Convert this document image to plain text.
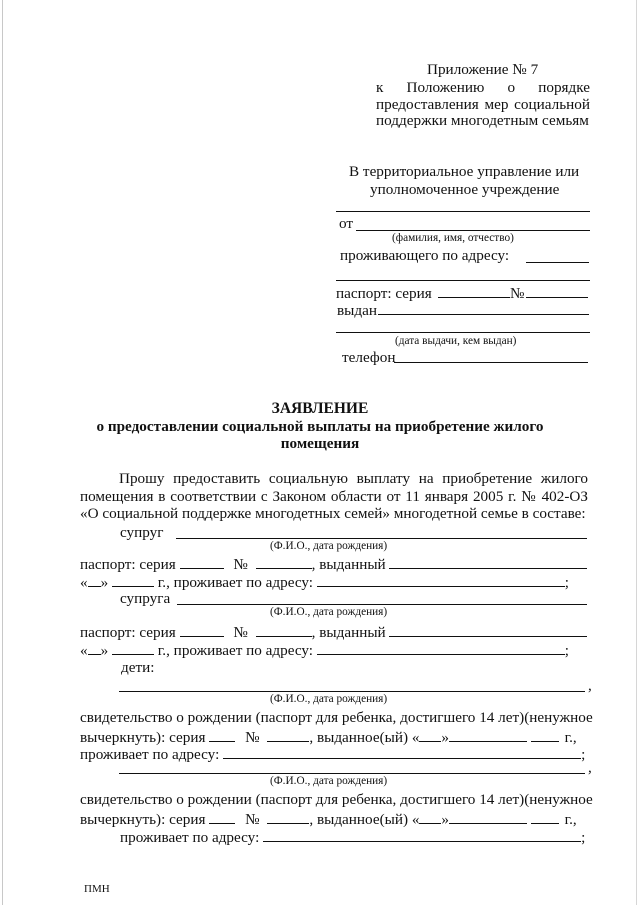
Приложение № 7
к Положению о порядке
предоставления мер социальной
поддержки многодетным семьям
В территориальное управление или
уполномоченное учреждение
от
(фамилия, имя, отчество)
проживающего по адресу:
паспорт: серия	№
выдан
(дата выдачи, кем выдан)
телефон
ЗАЯВЛЕНИЕ
о предоставлении социальной выплаты на приобретение жилого
помещения
Прошу предоставить социальную выплату на приобретение жилого
помещения в соответствии с Законом области от 11 января 2005 г. № 402-ОЗ
«О социальной поддержке многодетных семей» многодетной семье в составе:
супруг
(Ф.И.О., дата рождения)
паспорт: серия	№	, выданный
« »	г., проживает по адресу:	;
супруга
(Ф.И.О., дата рождения)
паспорт: серия	№	, выданный
« »	г., проживает по адресу:	;
дети:
,
(Ф.И.О., дата рождения)
свидетельство о рождении (паспорт для ребенка, достигшего 14 лет)(ненужное
вычеркнуть): серия	№	, выданное(ый) « »	г.,
проживает по адресу:	;
,
(Ф.И.О., дата рождения)
свидетельство о рождении (паспорт для ребенка, достигшего 14 лет)(ненужное
вычеркнуть): серия	№	, выданное(ый) « »	г.,
проживает по адресу:	;
ПМН
